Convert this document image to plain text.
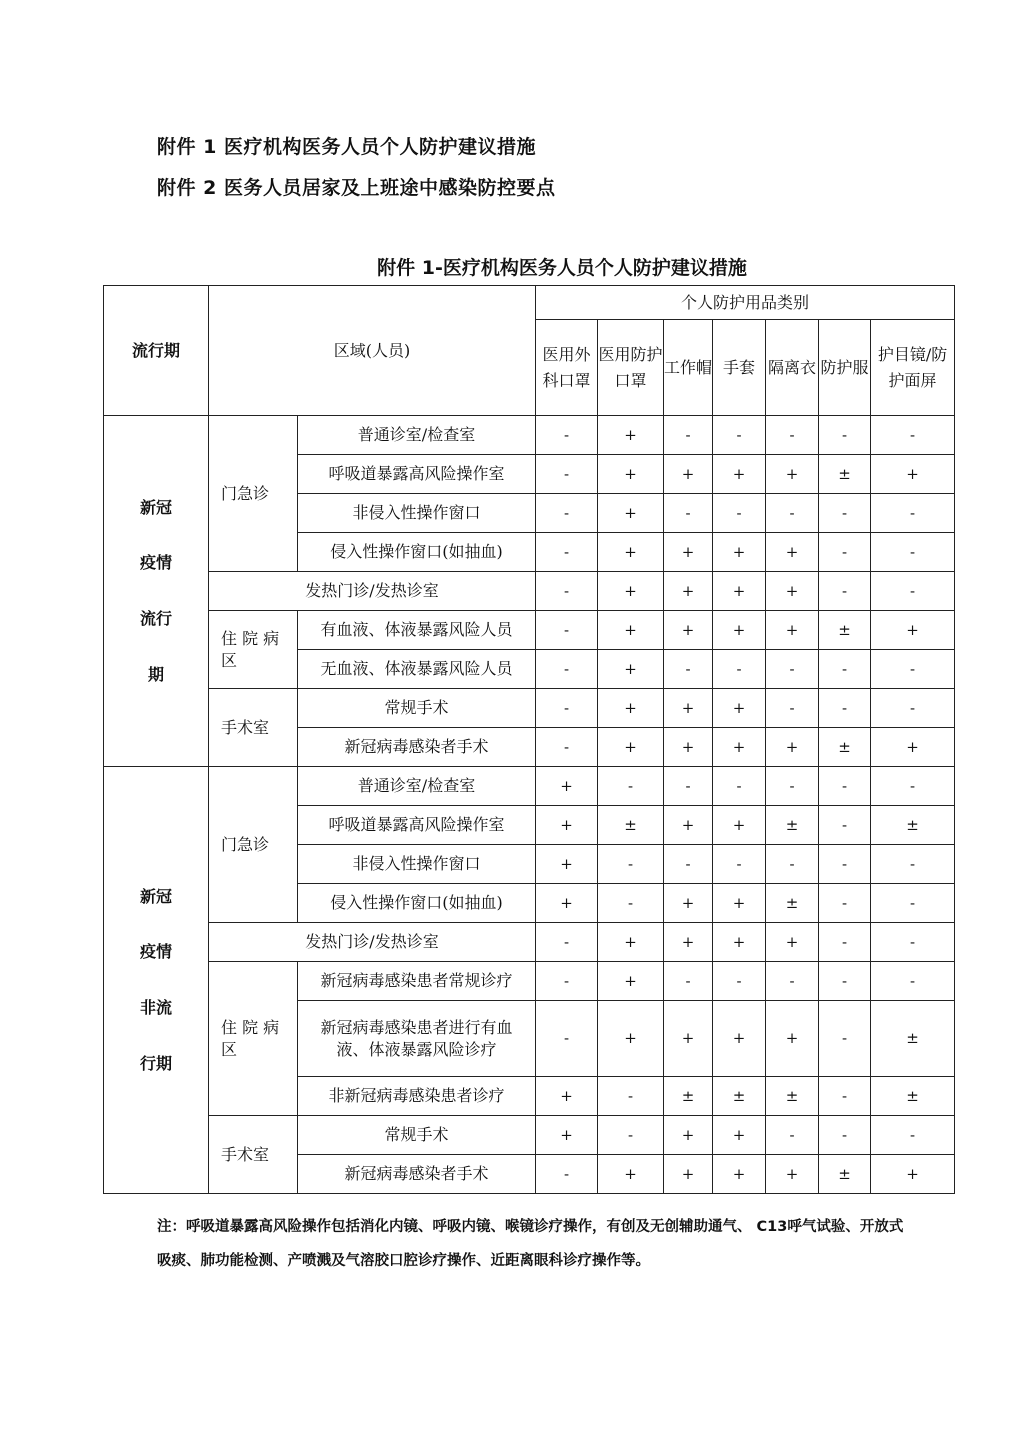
附件 1 医疗机构医务人员个人防护建议措施
附件 2 医务人员居家及上班途中感染防控要点
附件 1-医疗机构医务人员个人防护建议措施
流行期	区域(人员)		个人防护用品类别						
			医用外科口罩	医用防护口罩	工作帽	手套	隔离衣	防护服	护目镜/防护面屏

新冠
疫情
流行
期	门急诊	普通诊室/检查室	-	+	-	-	-	-	-
		呼吸道暴露高风险操作室	-	+	+	+	+	±	+
		非侵入性操作窗口	-	+	-	-	-	-	-
		侵入性操作窗口(如抽血)	-	+	+	+	+	-	-
	发热门诊/发热诊室		-	+	+	+	+	-	-
	住 院 病 区	有血液、体液暴露风险人员	-	+	+	+	+	±	+
		无血液、体液暴露风险人员	-	+	-	-	-	-	-
	手术室	常规手术	-	+	+	+	-	-	-
		新冠病毒感染者手术	-	+	+	+	+	±	+

新冠
疫情
非流
行期	门急诊	普通诊室/检查室	+	-	-	-	-	-	-
		呼吸道暴露高风险操作室	+	±	+	+	±	-	±
		非侵入性操作窗口	+	-	-	-	-	-	-
		侵入性操作窗口(如抽血)	+	-	+	+	±	-	-
	发热门诊/发热诊室		-	+	+	+	+	-	-
	住 院 病 区	新冠病毒感染患者常规诊疗	-	+	-	-	-	-	-
		新冠病毒感染患者进行有血液、体液暴露风险诊疗	-	+	+	+	+	-	±
		非新冠病毒感染患者诊疗	+	-	±	±	±	-	±
	手术室	常规手术	+	-	+	+	-	-	-
		新冠病毒感染者手术	-	+	+	+	+	±	+
注：呼吸道暴露高风险操作包括消化内镜、呼吸内镜、喉镜诊疗操作，有创及无创辅助通气、 C13呼气试验、开放式吸痰、肺功能检测、产喷溅及气溶胶口腔诊疗操作、近距离眼科诊疗操作等。
